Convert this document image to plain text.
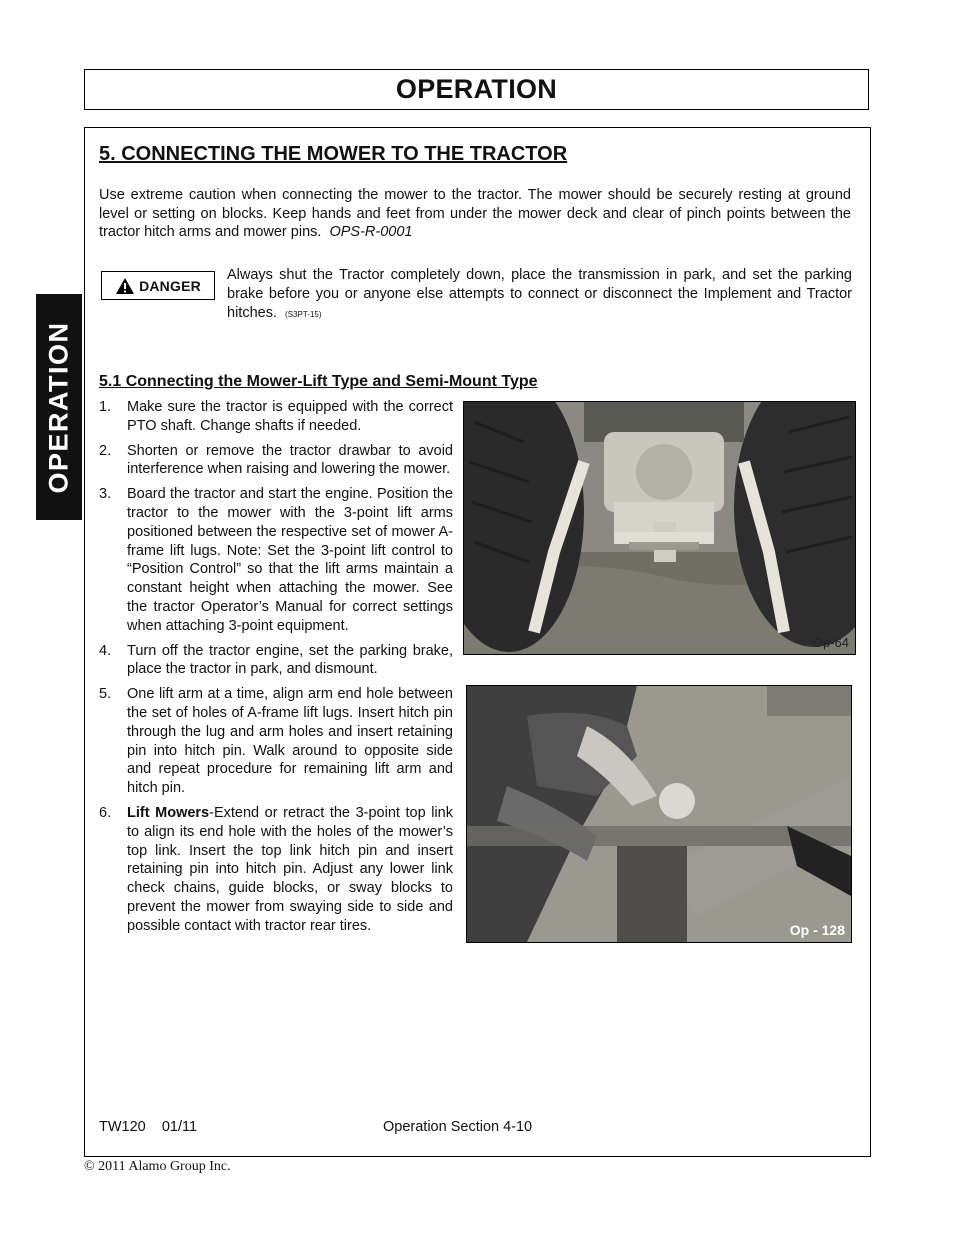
OPERATION
OPERATION
5. CONNECTING THE MOWER TO THE TRACTOR

Use extreme caution when connecting the mower to the tractor. The mower should be securely resting at ground level or setting on blocks. Keep hands and feet from under the mower deck and clear of pinch points between the tractor hitch arms and mower pins. OPS-R-0001

DANGER

Always shut the Tractor completely down, place the transmission in park, and set the parking brake before you or anyone else attempts to connect or disconnect the Implement and Tractor hitches. (S3PT-15)

5.1 Connecting the Mower-Lift Type and Semi-Mount Type
1. Make sure the tractor is equipped with the correct PTO shaft. Change shafts if needed.
2. Shorten or remove the tractor drawbar to avoid interference when raising and lowering the mower.
3. Board the tractor and start the engine. Position the tractor to the mower with the 3-point lift arms positioned between the respective set of mower A-frame lift lugs. Note: Set the 3-point lift control to “Position Control” so that the lift arms maintain a constant height when attaching the mower. See the tractor Operator’s Manual for correct settings when attaching 3-point equipment.
4. Turn off the tractor engine, set the parking brake, place the tractor in park, and dismount.
5. One lift arm at a time, align arm end hole between the set of holes of A-frame lift lugs. Insert hitch pin through the lug and arm holes and insert retaining pin into hitch pin. Walk around to opposite side and repeat procedure for remaining lift arm and hitch pin.
6. Lift Mowers-Extend or retract the 3-point top link to align its end hole with the holes of the mower’s top link. Insert the top link hitch pin and insert retaining pin into hitch pin. Adjust any lower link check chains, guide blocks, or sway blocks to prevent the mower from swaying side to side and possible contact with tractor rear tires.
Op-64
Op - 128
TW120    01/11	Operation Section 4-10
© 2011 Alamo Group Inc.
